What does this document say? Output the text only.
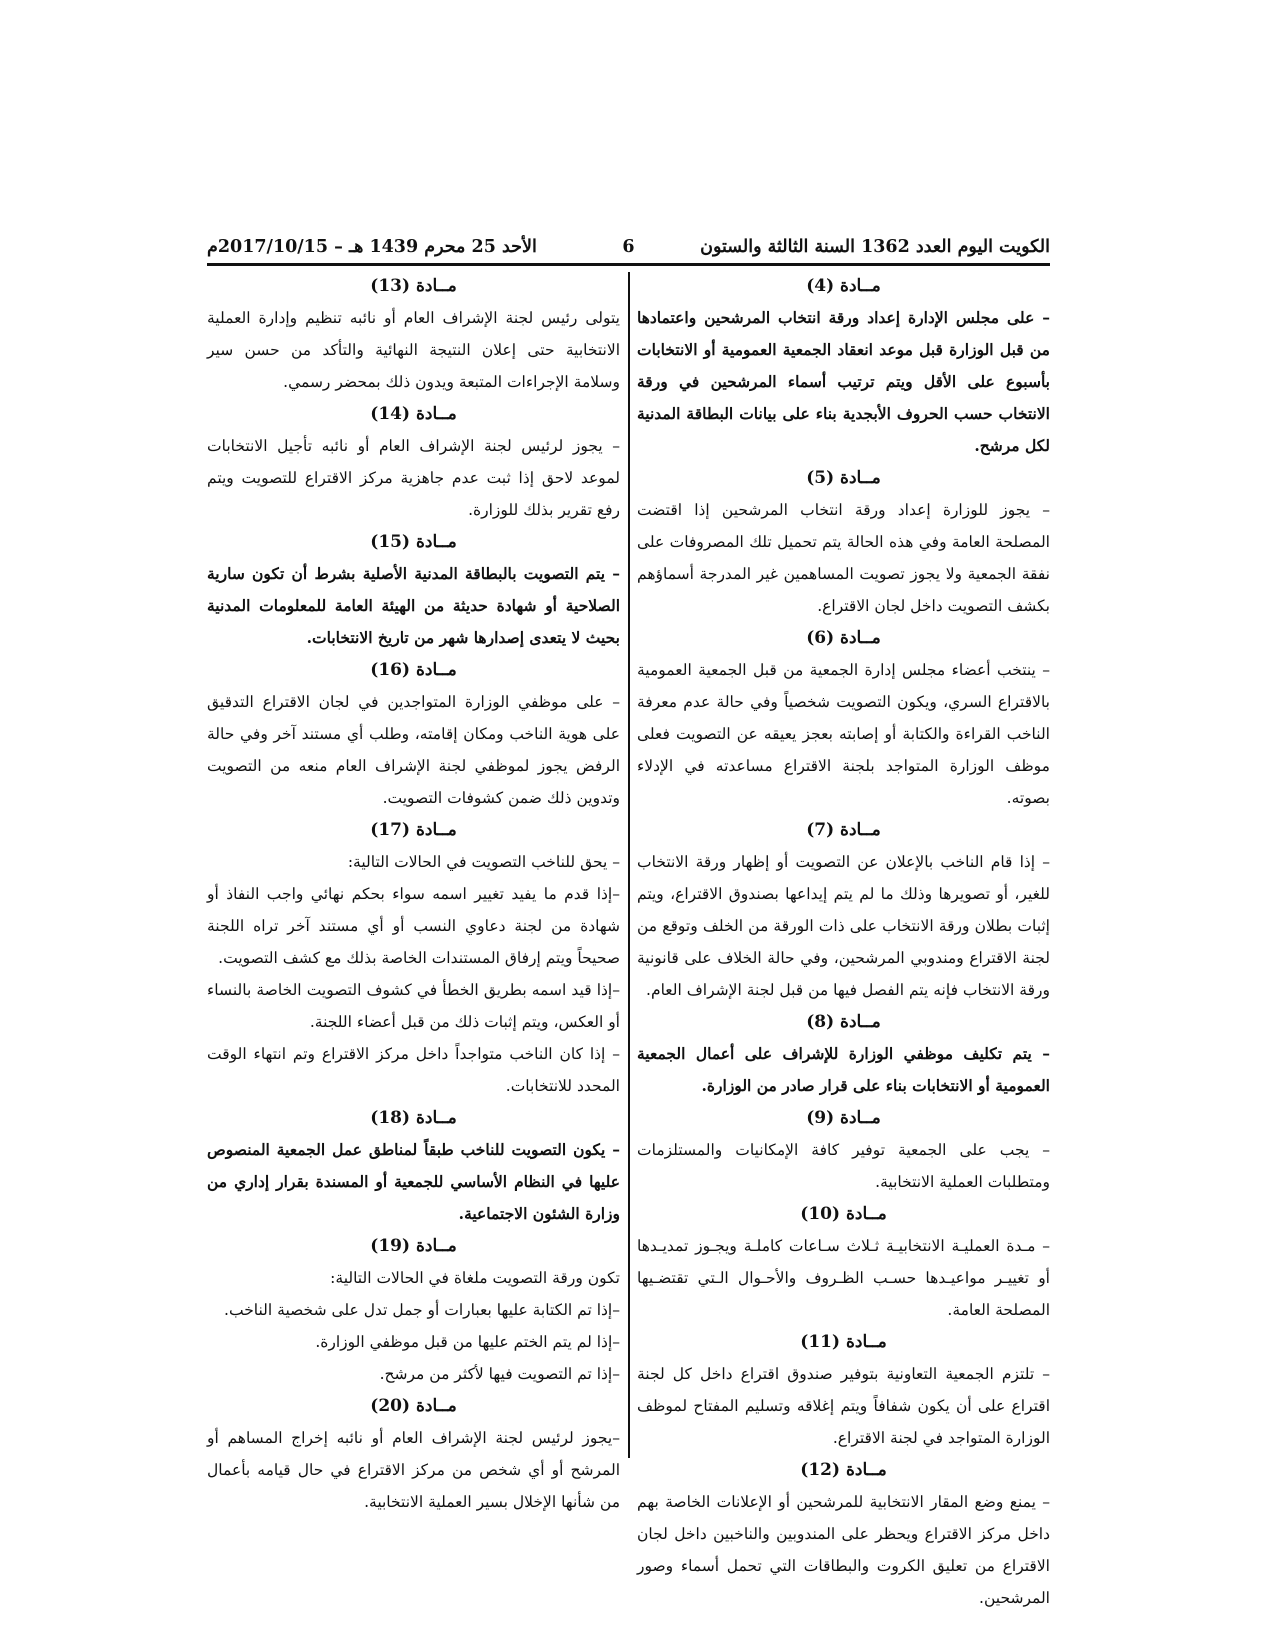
الكويت اليوم العدد 1362 السنة الثالثة والستون
6
الأحد 25 محرم 1439 هـ – 2017/10/15م
مــادة (4)

– على مجلس الإدارة إعداد ورقة انتخاب المرشحين واعتمادها من قبل الوزارة قبل موعد انعقاد الجمعية العمومية أو الانتخابات بأسبوع على الأقل ويتم ترتيب أسماء المرشحين في ورقة الانتخاب حسب الحروف الأبجدية بناء على بيانات البطاقة المدنية لكل مرشح.

مــادة (5)

– يجوز للوزارة إعداد ورقة انتخاب المرشحين إذا اقتضت المصلحة العامة وفي هذه الحالة يتم تحميل تلك المصروفات على نفقة الجمعية ولا يجوز تصويت المساهمين غير المدرجة أسماؤهم بكشف التصويت داخل لجان الاقتراع.

مــادة (6)

– ينتخب أعضاء مجلس إدارة الجمعية من قبل الجمعية العمومية بالاقتراع السري، ويكون التصويت شخصياً وفي حالة عدم معرفة الناخب القراءة والكتابة أو إصابته بعجز يعيقه عن التصويت فعلى موظف الوزارة المتواجد بلجنة الاقتراع مساعدته في الإدلاء بصوته.

مــادة (7)

– إذا قام الناخب بالإعلان عن التصويت أو إظهار ورقة الانتخاب للغير، أو تصويرها وذلك ما لم يتم إيداعها بصندوق الاقتراع، ويتم إثبات بطلان ورقة الانتخاب على ذات الورقة من الخلف وتوقع من لجنة الاقتراع ومندوبي المرشحين، وفي حالة الخلاف على قانونية ورقة الانتخاب فإنه يتم الفصل فيها من قبل لجنة الإشراف العام.

مــادة (8)

– يتم تكليف موظفي الوزارة للإشراف على أعمال الجمعية العمومية أو الانتخابات بناء على قرار صادر من الوزارة.

مــادة (9)

– يجب على الجمعية توفير كافة الإمكانيات والمستلزمات ومتطلبات العملية الانتخابية.

مــادة (10)

– مـدة العمليـة الانتخابيـة ثـلاث سـاعات كاملـة ويجـوز تمديـدها أو تغييـر مواعيـدها حسـب الظـروف والأحـوال الـتي تقتضـيها المصلحة العامة.

مــادة (11)

– تلتزم الجمعية التعاونية بتوفير صندوق اقتراع داخل كل لجنة اقتراع على أن يكون شفافاً ويتم إغلاقه وتسليم المفتاح لموظف الوزارة المتواجد في لجنة الاقتراع.

مــادة (12)

– يمنع وضع المقار الانتخابية للمرشحين أو الإعلانات الخاصة بهم داخل مركز الاقتراع ويحظر على المندوبين والناخبين داخل لجان الاقتراع من تعليق الكروت والبطاقات التي تحمل أسماء وصور المرشحين.

مــادة (13)
يتولى رئيس لجنة الإشراف العام أو نائبه تنظيم وإدارة العملية الانتخابية حتى إعلان النتيجة النهائية والتأكد من حسن سير وسلامة الإجراءات المتبعة ويدون ذلك بمحضر رسمي.
مــادة (14)
– يجوز لرئيس لجنة الإشراف العام أو نائبه تأجيل الانتخابات لموعد لاحق إذا ثبت عدم جاهزية مركز الاقتراع للتصويت ويتم رفع تقرير بذلك للوزارة.
مــادة (15)
– يتم التصويت بالبطاقة المدنية الأصلية بشرط أن تكون سارية الصلاحية أو شهادة حديثة من الهيئة العامة للمعلومات المدنية بحيث لا يتعدى إصدارها شهر من تاريخ الانتخابات.
مــادة (16)
– على موظفي الوزارة المتواجدين في لجان الاقتراع التدقيق على هوية الناخب ومكان إقامته، وطلب أي مستند آخر وفي حالة الرفض يجوز لموظفي لجنة الإشراف العام منعه من التصويت وتدوين ذلك ضمن كشوفات التصويت.
مــادة (17)
– يحق للناخب التصويت في الحالات التالية:
–إذا قدم ما يفيد تغيير اسمه سواء بحكم نهائي واجب النفاذ أو شهادة من لجنة دعاوي النسب أو أي مستند آخر تراه اللجنة صحيحاً ويتم إرفاق المستندات الخاصة بذلك مع كشف التصويت.
–إذا قيد اسمه بطريق الخطأ في كشوف التصويت الخاصة بالنساء أو العكس، ويتم إثبات ذلك من قبل أعضاء اللجنة.
– إذا كان الناخب متواجداً داخل مركز الاقتراع وتم انتهاء الوقت المحدد للانتخابات.
مــادة (18)
– يكون التصويت للناخب طبقاً لمناطق عمل الجمعية المنصوص عليها في النظام الأساسي للجمعية أو المسندة بقرار إداري من وزارة الشئون الاجتماعية.
مــادة (19)
تكون ورقة التصويت ملغاة في الحالات التالية:
–إذا تم الكتابة عليها بعبارات أو جمل تدل على شخصية الناخب.
–إذا لم يتم الختم عليها من قبل موظفي الوزارة.
–إذا تم التصويت فيها لأكثر من مرشح.
مــادة (20)
–يجوز لرئيس لجنة الإشراف العام أو نائبه إخراج المساهم أو المرشح أو أي شخص من مركز الاقتراع في حال قيامه بأعمال من شأنها الإخلال بسير العملية الانتخابية.
